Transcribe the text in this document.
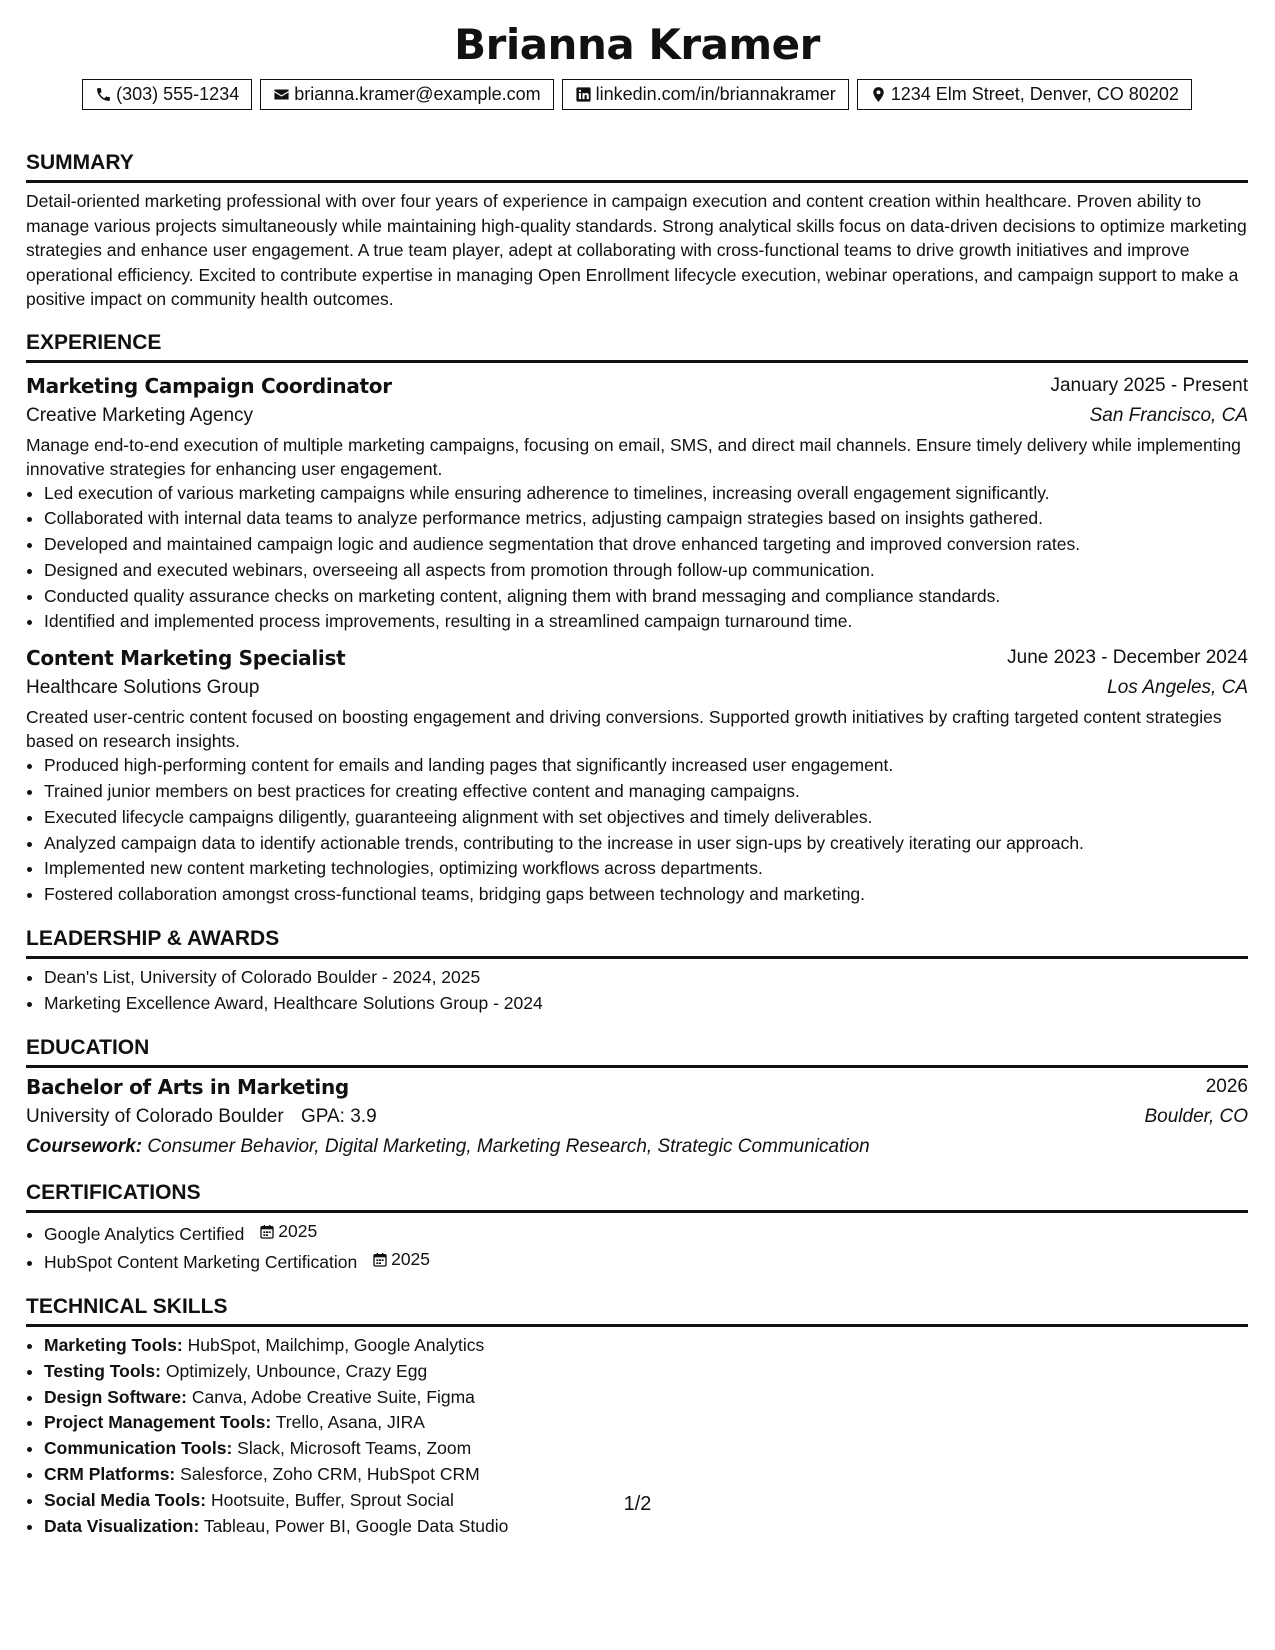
Brianna Kramer
(303) 555-1234	brianna.kramer@example.com	linkedin.com/in/briannakramer	1234 Elm Street, Denver, CO 80202
SUMMARY
Detail-oriented marketing professional with over four years of experience in campaign execution and content creation within healthcare. Proven ability to manage various projects simultaneously while maintaining high-quality standards. Strong analytical skills focus on data-driven decisions to optimize marketing strategies and enhance user engagement. A true team player, adept at collaborating with cross-functional teams to drive growth initiatives and improve operational efficiency. Excited to contribute expertise in managing Open Enrollment lifecycle execution, webinar operations, and campaign support to make a positive impact on community health outcomes.
EXPERIENCE
Marketing Campaign Coordinator	January 2025 - Present
Creative Marketing Agency	San Francisco, CA
Manage end-to-end execution of multiple marketing campaigns, focusing on email, SMS, and direct mail channels. Ensure timely delivery while implementing innovative strategies for enhancing user engagement.
• Led execution of various marketing campaigns while ensuring adherence to timelines, increasing overall engagement significantly.
• Collaborated with internal data teams to analyze performance metrics, adjusting campaign strategies based on insights gathered.
• Developed and maintained campaign logic and audience segmentation that drove enhanced targeting and improved conversion rates.
• Designed and executed webinars, overseeing all aspects from promotion through follow-up communication.
• Conducted quality assurance checks on marketing content, aligning them with brand messaging and compliance standards.
• Identified and implemented process improvements, resulting in a streamlined campaign turnaround time.
Content Marketing Specialist	June 2023 - December 2024
Healthcare Solutions Group	Los Angeles, CA
Created user-centric content focused on boosting engagement and driving conversions. Supported growth initiatives by crafting targeted content strategies based on research insights.
• Produced high-performing content for emails and landing pages that significantly increased user engagement.
• Trained junior members on best practices for creating effective content and managing campaigns.
• Executed lifecycle campaigns diligently, guaranteeing alignment with set objectives and timely deliverables.
• Analyzed campaign data to identify actionable trends, contributing to the increase in user sign-ups by creatively iterating our approach.
• Implemented new content marketing technologies, optimizing workflows across departments.
• Fostered collaboration amongst cross-functional teams, bridging gaps between technology and marketing.
LEADERSHIP & AWARDS
• Dean's List, University of Colorado Boulder - 2024, 2025
• Marketing Excellence Award, Healthcare Solutions Group - 2024
EDUCATION
Bachelor of Arts in Marketing	2026
University of Colorado Boulder GPA: 3.9	Boulder, CO
Coursework: Consumer Behavior, Digital Marketing, Marketing Research, Strategic Communication
CERTIFICATIONS
• Google Analytics Certified 2025
• HubSpot Content Marketing Certification 2025
TECHNICAL SKILLS
• Marketing Tools: HubSpot, Mailchimp, Google Analytics
• Testing Tools: Optimizely, Unbounce, Crazy Egg
• Design Software: Canva, Adobe Creative Suite, Figma
• Project Management Tools: Trello, Asana, JIRA
• Communication Tools: Slack, Microsoft Teams, Zoom
• CRM Platforms: Salesforce, Zoho CRM, HubSpot CRM
• Social Media Tools: Hootsuite, Buffer, Sprout Social
• Data Visualization: Tableau, Power BI, Google Data Studio
1/2
